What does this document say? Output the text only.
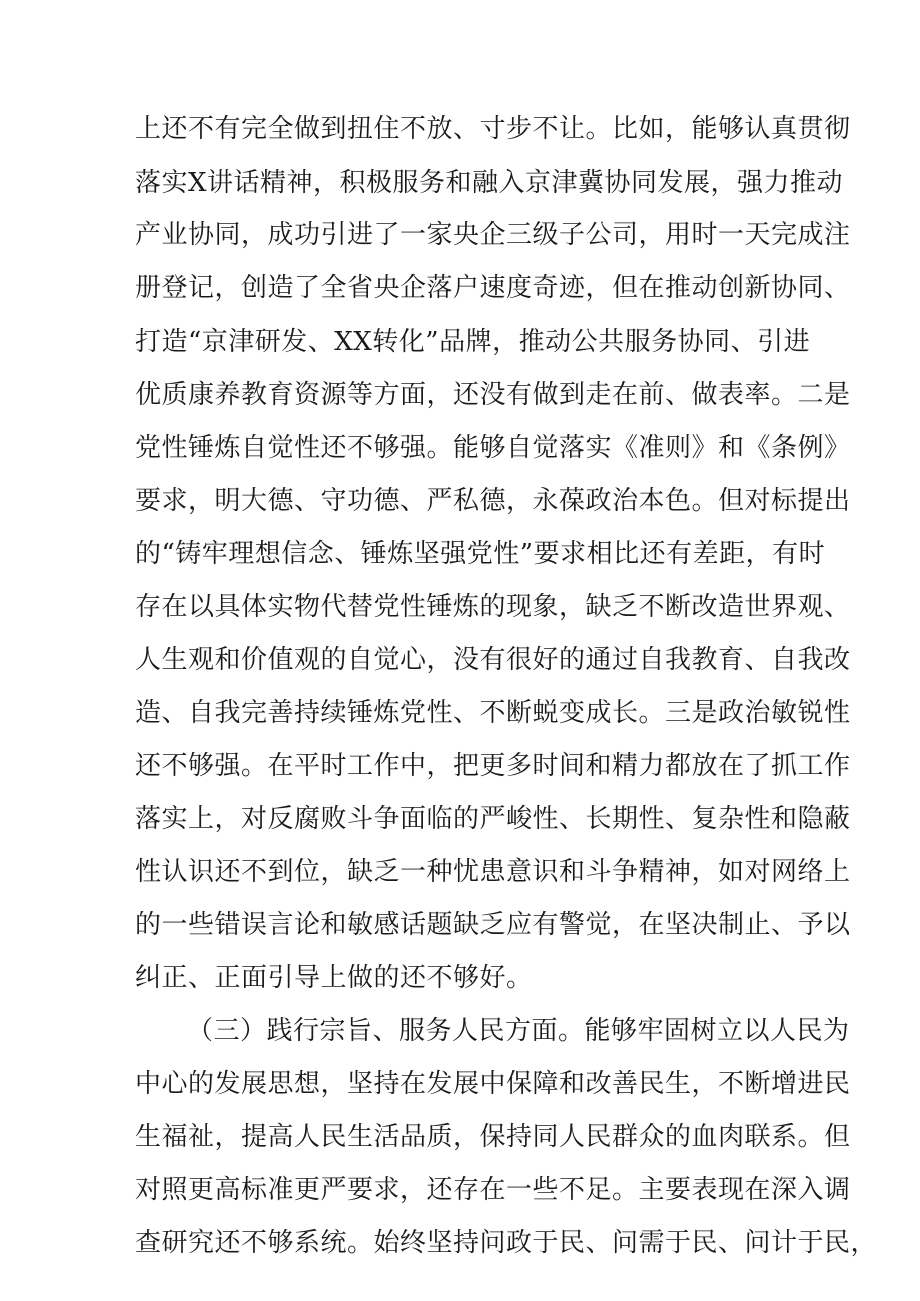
上还不有完全做到扭住不放、寸步不让。比如，能够认真贯彻
落实X讲话精神，积极服务和融入京津冀协同发展，强力推动
产业协同，成功引进了一家央企三级子公司，用时一天完成注
册登记，创造了全省央企落户速度奇迹，但在推动创新协同、
打造“京津研发、XX转化”品牌，推动公共服务协同、引进
优质康养教育资源等方面，还没有做到走在前、做表率。二是
党性锤炼自觉性还不够强。能够自觉落实《准则》和《条例》
要求，明大德、守功德、严私德，永葆政治本色。但对标提出
的“铸牢理想信念、锤炼坚强党性”要求相比还有差距，有时
存在以具体实物代替党性锤炼的现象，缺乏不断改造世界观、
人生观和价值观的自觉心，没有很好的通过自我教育、自我改
造、自我完善持续锤炼党性、不断蜕变成长。三是政治敏锐性
还不够强。在平时工作中，把更多时间和精力都放在了抓工作
落实上，对反腐败斗争面临的严峻性、长期性、复杂性和隐蔽
性认识还不到位，缺乏一种忧患意识和斗争精神，如对网络上
的一些错误言论和敏感话题缺乏应有警觉，在坚决制止、予以
纠正、正面引导上做的还不够好。
（三）践行宗旨、服务人民方面。能够牢固树立以人民为
中心的发展思想，坚持在发展中保障和改善民生，不断增进民
生福祉，提高人民生活品质，保持同人民群众的血肉联系。但
对照更高标准更严要求，还存在一些不足。主要表现在深入调
查研究还不够系统。始终坚持问政于民、问需于民、问计于民，
